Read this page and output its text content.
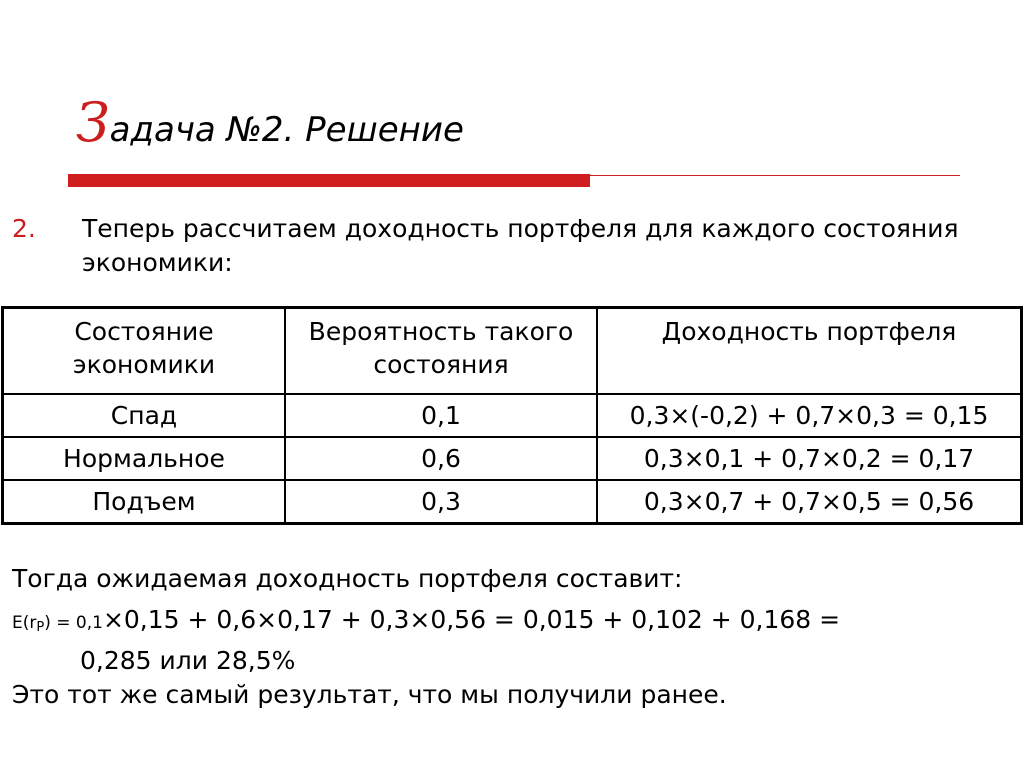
З адача №2. Решение
2. Теперь рассчитаем доходность портфеля для каждого состояния экономики:
Состояние экономики	Вероятность такого состояния	Доходность портфеля
Спад	0,1	0,3×(-0,2) + 0,7×0,3 = 0,15
Нормальное	0,6	0,3×0,1 + 0,7×0,2 = 0,17
Подъем	0,3	0,3×0,7 + 0,7×0,5 = 0,56
Тогда ожидаемая доходность портфеля составит:
$E(r_P) = 0,1\times 0,15 + 0,6\times 0,17 + 0,3\times 0,56 = 0,015 + 0,102 + 0,168$ =
0,285 или 28,5%
Это тот же самый результат, что мы получили ранее.
